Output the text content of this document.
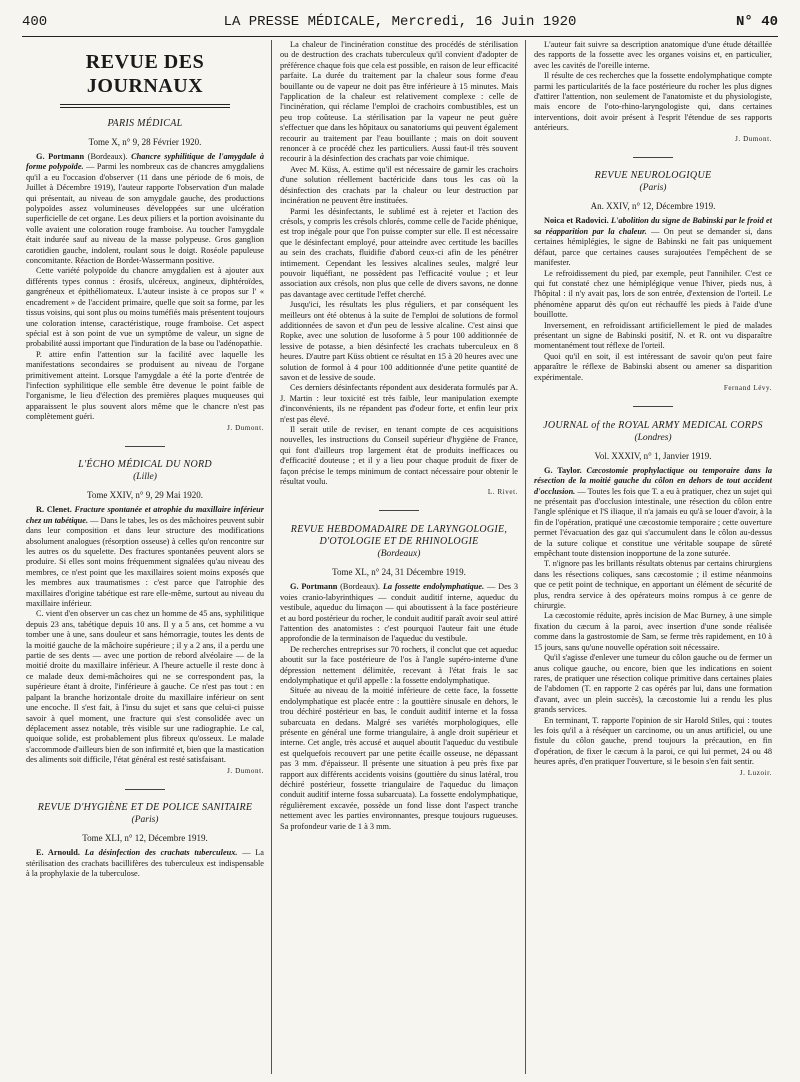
400	LA PRESSE MÉDICALE, Mercredi, 16 Juin 1920	N° 40
REVUE DES JOURNAUX
PARIS MÉDICAL
Tome X, n° 9, 28 Février 1920.

G. Portmann (Bordeaux). Chancre syphilitique de l'amygdale à forme polypoïde. — Parmi les nombreux cas de chancres amygdaliens qu'il a eu l'occasion d'observer (11 dans une période de 6 mois, de Juillet à Décembre 1919), l'auteur rapporte l'observation d'un malade qui présentait, au niveau de son amygdale gauche, des productions polypoïdes assez volumineuses développées sur une ulcération superficielle de cet organe. Les deux piliers et la portion avoisinante du volle avaient une coloration rouge framboise. Au toucher l'amygdale était indurée sauf au niveau de la masse polypeuse. Gros ganglion carotidien gauche, indolent, roulant sous le doigt. Roséole papuleuse concomitante. Réaction de Bordet-Wassermann positive.

Cette variété polypoïde du chancre amygdalien est à ajouter aux différents types connus : érosifs, ulcéreux, angineux, diphtéroïdes, gangréneux et épithéliomateux. L'auteur insiste à ce propos sur l' « encadrement » de l'accident primaire, quelle que soit sa forme, par les tissus voisins, qui sont plus ou moins tuméfiés mais présentent toujours une coloration intense, caractéristique, rouge framboise. Cet aspect spécial est à son point de vue un symptôme de valeur, un signe de probabilité aussi important que l'induration de la base ou l'adénopathie.

P. attire enfin l'attention sur la facilité avec laquelle les manifestations secondaires se produisent au niveau de l'organe primitivement atteint. Lorsque l'amygdale a été la porte d'entrée de l'infection syphilitique elle semble être devenue le point faible de l'organisme, le lieu d'élection des premières plaques muqueuses qui apparaissent le plus souvent alors même que le chancre n'est pas complètement guéri.

J. Dumont.
L'ÉCHO MÉDICAL DU NORD
(Lille)
Tome XXIV, n° 9, 29 Mai 1920.

R. Clenet. Fracture spontanée et atrophie du maxillaire inférieur chez un tabétique. — Dans le tabes, les os des mâchoires peuvent subir dans leur composition et dans leur structure des modifications absolument analogues (résorption osseuse) à celles qu'on rencontre sur les autres os du squelette. Des fractures spontanées peuvent alors se produire. Si elles sont moins fréquemment signalées qu'au niveau des membres, ce n'est point que les maxillaires soient moins exposés que les membres aux traumatismes : c'est parce que l'atrophie des maxillaires d'origine tabétique est rare elle-même, surtout au niveau du maxillaire inférieur.

C. vient d'en observer un cas chez un homme de 45 ans, syphilitique depuis 23 ans, tabétique depuis 10 ans. Il y a 5 ans, cet homme a vu tomber une à une, sans douleur et sans hémorragie, toutes les dents de la moitié gauche de la mâchoire supérieure ; il y a 2 ans, il a perdu une partie de ses dents — avec une portion de rebord alvéolaire — de la moitié droite du maxillaire inférieur. A l'heure actuelle il reste donc à ce malade deux demi-mâchoires qui ne se correspondent pas, la supérieure étant à droite, l'inférieure à gauche. Ce n'est pas tout : en palpant la branche horizontale droite du maxillaire inférieur on sent une encoche. Il s'est fait, à l'insu du sujet et sans que celui-ci puisse savoir à quel moment, une fracture qui s'est consolidée avec un déplacement assez notable, très visible sur une radiographie. Le cal, quoique solide, est probablement plus fibreux qu'osseux. Le malade s'accommode d'ailleurs bien de son infirmité et, bien que la mastication des aliments soit difficile, l'état général est resté satisfaisant.

J. Dumont.
REVUE D'HYGIÈNE ET DE POLICE SANITAIRE
(Paris)
Tome XLI, n° 12, Décembre 1919.

E. Arnould. La désinfection des crachats tuberculeux. — La stérilisation des crachats bacillifères des tuberculeux est indispensable à la prophylaxie de la tuberculose.

La chaleur de l'incinération constitue des procédés de stérilisation ou de destruction des crachats tuberculeux qu'il convient d'adopter de préférence chaque fois que cela est possible, en raison de leur efficacité parfaite. La durée du traitement par la chaleur sous forme d'eau bouillante ou de vapeur ne doit pas être inférieure à 15 minutes. Mais l'application de la chaleur est relativement complexe : celle de l'incinération, qui réclame l'emploi de crachoirs combustibles, est un peu trop coûteuse. La stérilisation par la vapeur ne peut guère s'effectuer que dans les hôpitaux ou sanatoriums qui peuvent également recourir au traitement par l'eau bouillante ; mais on doit souvent renoncer à ce procédé chez les particuliers. Aussi faut-il très souvent recourir à la désinfection des crachats par voie chimique.

Avec M. Küss, A. estime qu'il est nécessaire de garnir les crachoirs d'une solution réellement bactéricide dans tous les cas où la désinfection des crachats par la chaleur ou leur destruction par incinération ne peuvent être instituées.

Parmi les désinfectants, le sublimé est à rejeter et l'action des crésols, y compris les crésols chlorés, comme celle de l'acide phénique, est trop inégale pour que l'on puisse compter sur elle. Il est nécessaire que le désinfectant employé, pour atteindre avec certitude les bacilles au sein des crachats, fluidifie d'abord ceux-ci afin de les pénétrer intimement. Cependant les lessives alcalines seules, malgré leur pouvoir liquéfiant, ne possèdent pas l'efficacité voulue ; et leur association aux crésols, non plus que celle de divers savons, ne donne pas davantage avec certitude l'effet cherché.

Jusqu'ici, les résultats les plus réguliers, et par conséquent les meilleurs ont été obtenus à la suite de l'emploi de solutions de formol additionnées de savon et d'un peu de lessive alcaline. C'est ainsi que Ropke, avec une solution de lusoforme à 5 pour 100 additionnée de lessive de potasse, a bien désinfecté les crachats tuberculeux en 8 heures. D'autre part Küss obtient ce résultat en 15 à 20 heures avec une solution de formol à 4 pour 100 additionnée d'une petite quantité de savon et de lessive de soude.

Ces derniers désinfectants répondent aux desiderata formulés par A. J. Martin : leur toxicité est très faible, leur manipulation exempte d'inconvénients, ils ne répandent pas d'odeur forte, et enfin leur prix n'est pas élevé.

Il serait utile de reviser, en tenant compte de ces acquisitions nouvelles, les instructions du Conseil supérieur d'hygiène de France, qui font d'ailleurs trop largement état de produits inefficaces ou d'efficacité douteuse ; et il y a lieu pour chaque produit de fixer de façon précise le temps minimum de contact nécessaire pour obtenir le résultat voulu.

L. Rivet.
REVUE HEBDOMADAIRE DE LARYNGOLOGIE, D'OTOLOGIE ET DE RHINOLOGIE
(Bordeaux)
Tome XL, n° 24, 31 Décembre 1919.

G. Portmann (Bordeaux). La fossette endolymphatique. — Des 3 voies cranio-labyrinthiques — conduit auditif interne, aqueduc du vestibule, aqueduc du limaçon — qui aboutissent à la face postérieure et au bord postérieur du rocher, le conduit auditif paraît avoir seul attiré l'attention des anatomistes : c'est pourquoi l'auteur fait une étude approfondie de la terminaison de l'aqueduc du vestibule.

De recherches entreprises sur 70 rochers, il conclut que cet aqueduc aboutit sur la face postérieure de l'os à l'angle supéro-interne d'une dépression nettement délimitée, recevant à l'état frais le sac endolymphatique et qu'il appelle : la fossette endolymphatique.

Située au niveau de la moitié inférieure de cette face, la fossette endolymphatique est placée entre : la gouttière sinusale en dehors, le trou déchiré postérieur en bas, le conduit auditif interne et la fossa subarcuata en dedans. Malgré ses variétés morphologiques, elle présente en général une forme triangulaire, à angle droit supérieur et interne. Cet angle, très accusé et auquel aboutit l'aqueduc du vestibule est quelquefois recouvert par une petite écaille osseuse, ne dépassant pas 3 mm. d'épaisseur. Il présente une situation à peu près fixe par rapport aux différents accidents voisins (gouttière du sinus latéral, trou déchiré postérieur, fossette triangulaire de l'aqueduc du limaçon conduit auditif interne fossa subarcuata). La fossette endolymphatique, régulièrement excavée, possède un fond lisse dont l'aspect tranche nettement avec les parties environnantes, presque toujours rugueuses. Sa profondeur varie de 1 à 3 mm.

L'auteur fait suivre sa description anatomique d'une étude détaillée des rapports de la fossette avec les organes voisins et, en particulier, avec les cavités de l'oreille interne.

Il résulte de ces recherches que la fossette endolymphatique compte parmi les particularités de la face postérieure du rocher les plus dignes d'attirer l'attention, non seulement de l'anatomiste et du physiologiste, mais encore de l'oto-rhino-laryngologiste qui, dans certaines interventions, doit avoir présent à l'esprit l'étendue de ses rapports antérieurs.

J. Dumont.
REVUE NEUROLOGIQUE
(Paris)
An. XXIV, n° 12, Décembre 1919.

Noica et Radovici. L'abolition du signe de Babinski par le froid et sa réapparition par la chaleur. — On peut se demander si, dans certaines hémiplégies, le signe de Babinski ne fait pas uniquement défaut, parce que certaines causes surajoutées l'empêchent de se manifester.

Le refroidissement du pied, par exemple, peut l'annihiler. C'est ce qui fut constaté chez une hémiplégique venue l'hiver, pieds nus, à l'hôpital : il n'y avait pas, lors de son entrée, d'extension de l'orteil. Le phénomène apparut dès qu'on eut réchauffé les pieds à l'aide d'une bouillotte.

Inversement, en refroidissant artificiellement le pied de malades présentant un signe de Babinski positif, N. et R. ont vu disparaître momentanément tout réflexe de l'orteil.

Quoi qu'il en soit, il est intéressant de savoir qu'on peut faire apparaître le réflexe de Babinski absent ou amener sa disparition expérimentale.

Fernand Lévy.
JOURNAL of the ROYAL ARMY MEDICAL CORPS
(Londres)
Vol. XXXIV, n° 1, Janvier 1919.

G. Taylor. Cæcostomie prophylactique ou temporaire dans la résection de la moitié gauche du côlon en dehors de tout accident d'occlusion. — Toutes les fois que T. a eu à pratiquer, chez un sujet qui ne présentait pas d'occlusion intestinale, une résection du côlon entre l'angle splénique et l'S iliaque, il n'a jamais eu qu'à se louer d'avoir, à la fin de l'opération, pratiqué une cæcostomie temporaire ; cette ouverture permet l'évacuation des gaz qui s'accumulent dans le côlon au-dessus de la suture colique et constitue une véritable soupape de sûreté empêchant toute distension inopportune de la zone suturée.

T. n'ignore pas les brillants résultats obtenus par certains chirurgiens dans les résections coliques, sans cæcostomie ; il estime néanmoins que ce petit point de technique, en apportant un élément de sécurité de plus, rendra service à des opérateurs moins rompus à ce genre de chirurgie.

La cæcostomie réduite, après incision de Mac Burney, à une simple fixation du cæcum à la paroi, avec insertion d'une sonde réalisée comme dans la gastrostomie de Sam, se ferme très rapidement, en 10 à 15 jours, sans qu'une nouvelle opération soit nécessaire.

Qu'il s'agisse d'enlever une tumeur du côlon gauche ou de fermer un anus colique gauche, ou encore, bien que les indications en soient rares, de pratiquer une résection colique primitive dans certaines plaies de l'abdomen (T. en rapporte 2 cas opérés par lui, dans une formation d'avant, avec un plein succès), la cæcostomie lui a rendu les plus grands services.

En terminant, T. rapporte l'opinion de sir Harold Stiles, qui : toutes les fois qu'il a à réséquer un carcinome, ou un anus artificiel, ou une fistule du côlon gauche, prend toujours la précaution, en fin d'opération, de fixer le cæcum à la paroi, ce qui lui permet, 24 ou 48 heures après, d'en pratiquer l'ouverture, si le besoin s'en fait sentir.

J. Luzoir.
